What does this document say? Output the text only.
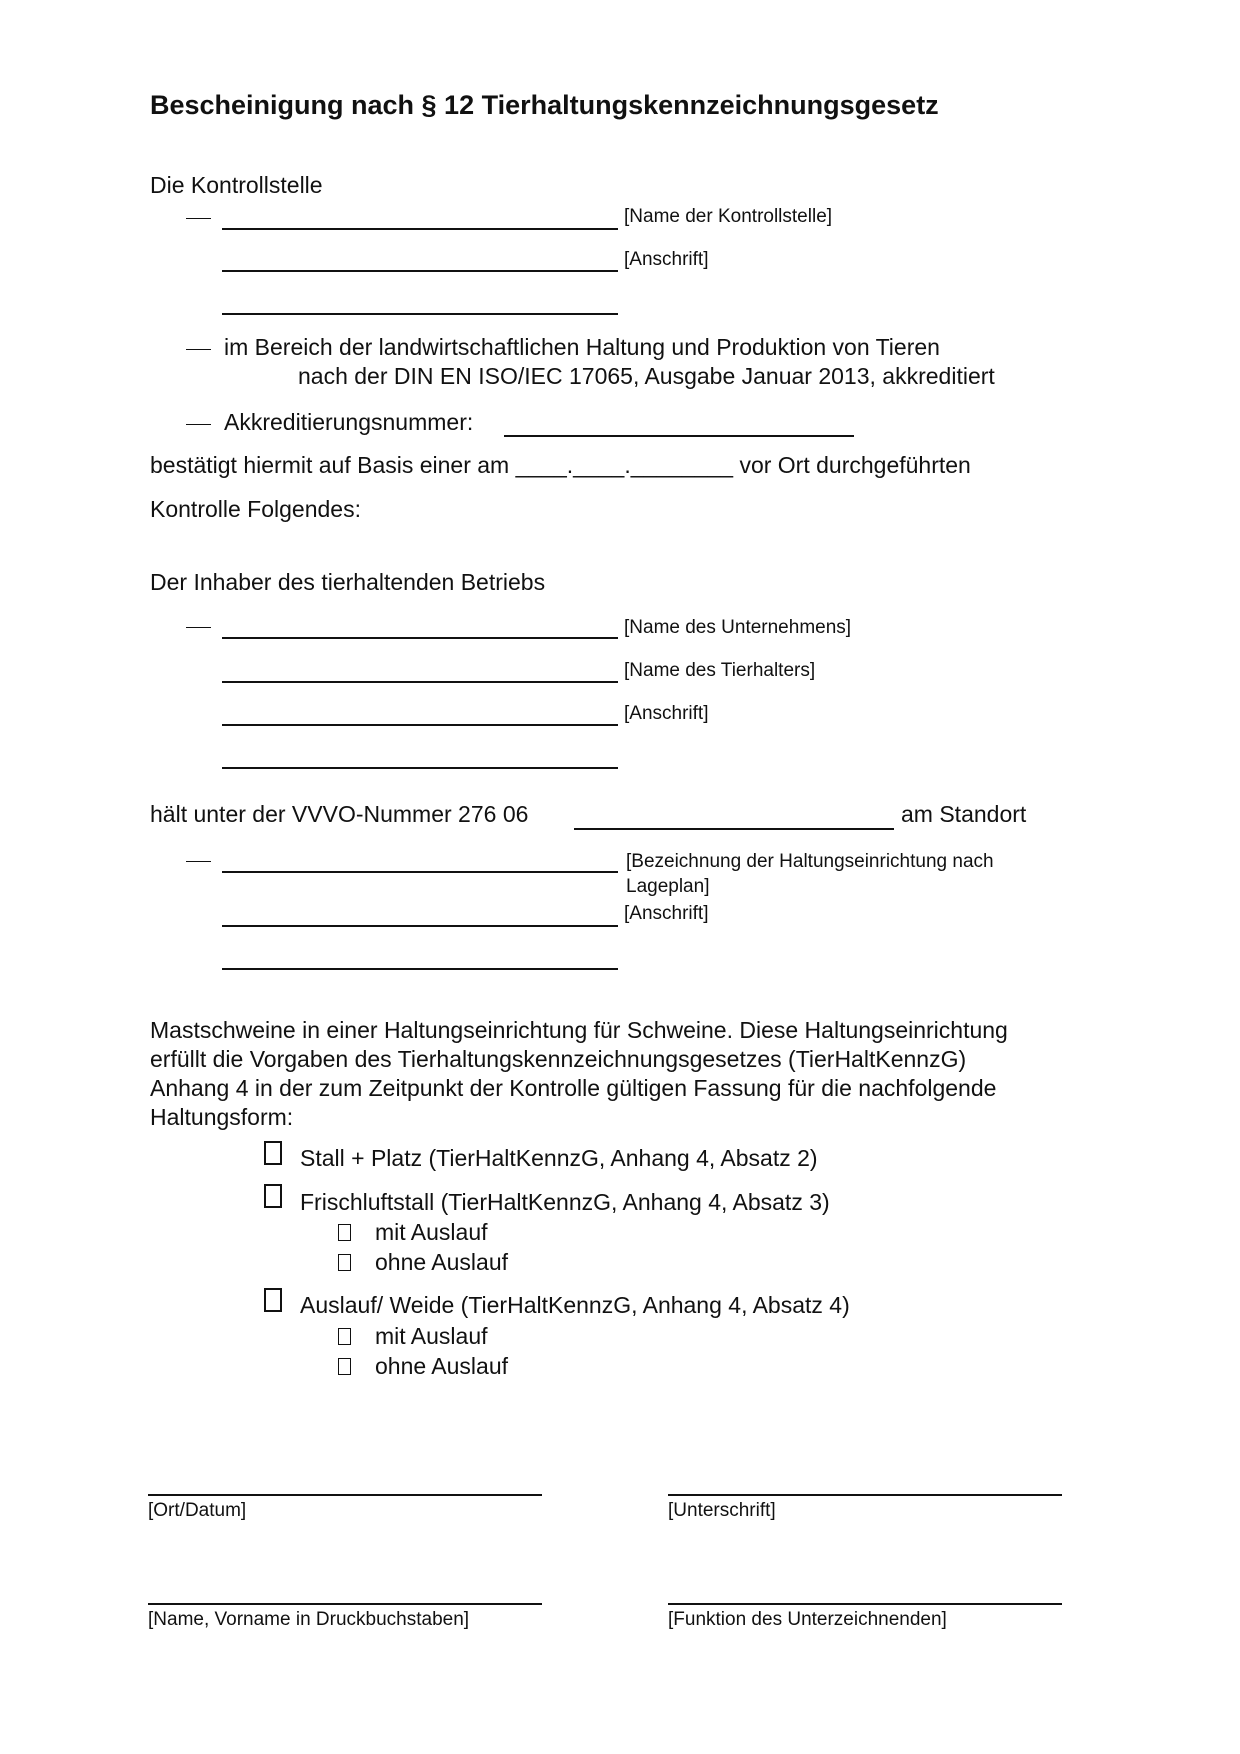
Bescheinigung nach § 12 Tierhaltungskennzeichnungsgesetz
Die Kontrollstelle
[Name der Kontrollstelle]
[Anschrift]
im Bereich der landwirtschaftlichen Haltung und Produktion von Tieren
nach der DIN EN ISO/IEC 17065, Ausgabe Januar 2013, akkreditiert
Akkreditierungsnummer:
bestätigt hiermit auf Basis einer am ____.____.________ vor Ort durchgeführten
Kontrolle Folgendes:
Der Inhaber des tierhaltenden Betriebs
[Name des Unternehmens]
[Name des Tierhalters]
[Anschrift]
hält unter der VVVO-Nummer 276 06	am Standort
[Bezeichnung der Haltungseinrichtung nach
Lageplan]
[Anschrift]
Mastschweine in einer Haltungseinrichtung für Schweine. Diese Haltungseinrichtung
erfüllt die Vorgaben des Tierhaltungskennzeichnungsgesetzes (TierHaltKennzG)
Anhang 4 in der zum Zeitpunkt der Kontrolle gültigen Fassung für die nachfolgende
Haltungsform:
Stall + Platz (TierHaltKennzG, Anhang 4, Absatz 2)
Frischluftstall (TierHaltKennzG, Anhang 4, Absatz 3)
mit Auslauf
ohne Auslauf
Auslauf/ Weide (TierHaltKennzG, Anhang 4, Absatz 4)
mit Auslauf
ohne Auslauf
[Ort/Datum]	[Unterschrift]
[Name, Vorname in Druckbuchstaben]	[Funktion des Unterzeichnenden]
